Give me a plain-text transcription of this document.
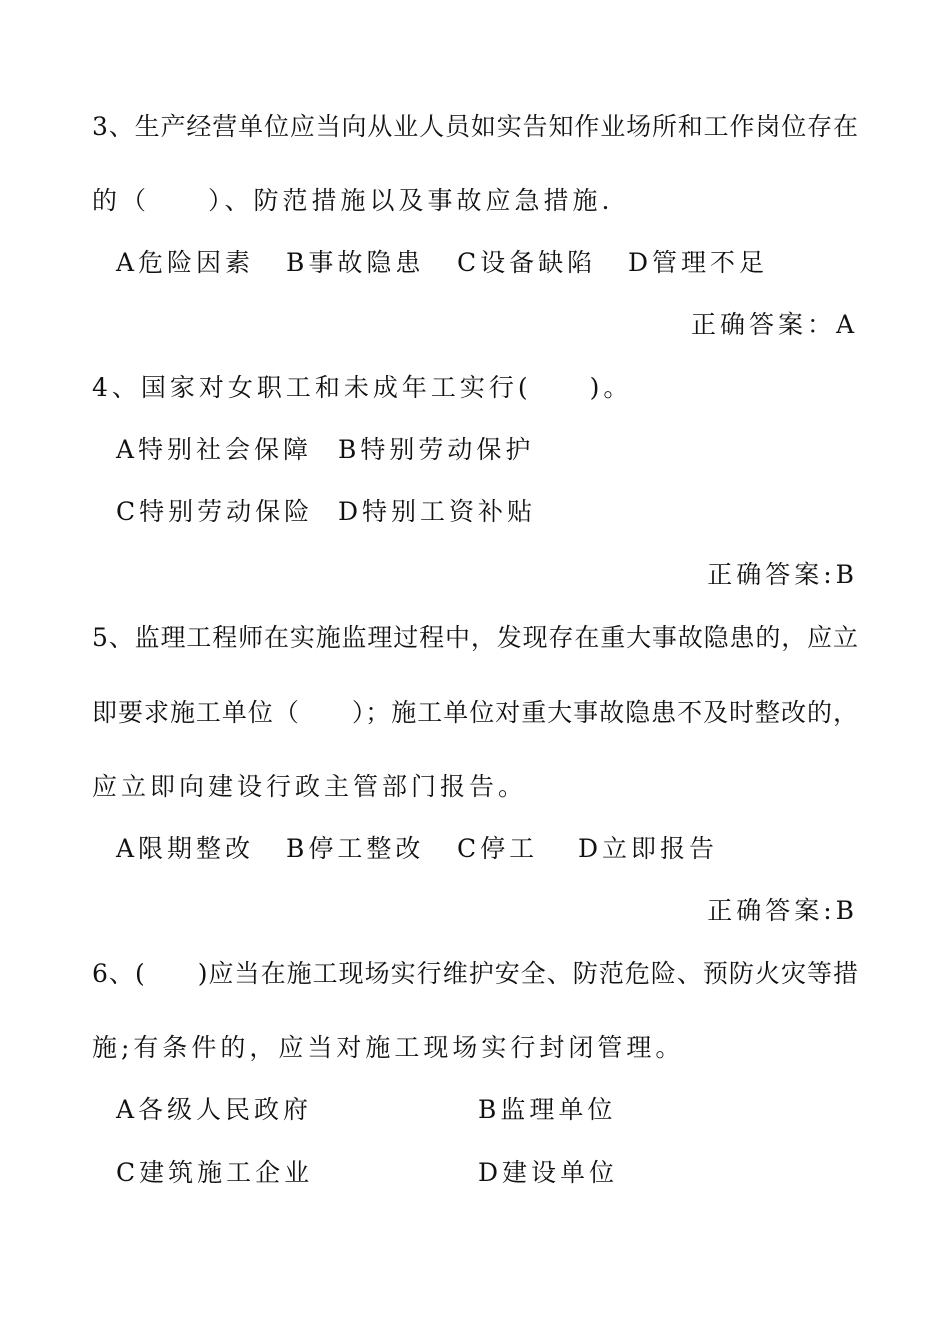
3、生产经营单位应当向从业人员如实告知作业场所和工作岗位存在
的（　　）、防范措施以及事故应急措施.
A危险因素 B事故隐患 C设备缺陷 D管理不足
正确答案：A
4、国家对女职工和未成年工实行(　　)。
A特别社会保障 B特别劳动保护
C特别劳动保险 D特别工资补贴
正确答案:B
5、监理工程师在实施监理过程中，发现存在重大事故隐患的，应立
即要求施工单位（　　）；施工单位对重大事故隐患不及时整改的，
应立即向建设行政主管部门报告。
A限期整改 B停工整改 C停工 D立即报告
正确答案:B
6、(　　)应当在施工现场实行维护安全、防范危险、预防火灾等措
施;有条件的，应当对施工现场实行封闭管理。
A各级人民政府	B监理单位
C建筑施工企业	D建设单位
